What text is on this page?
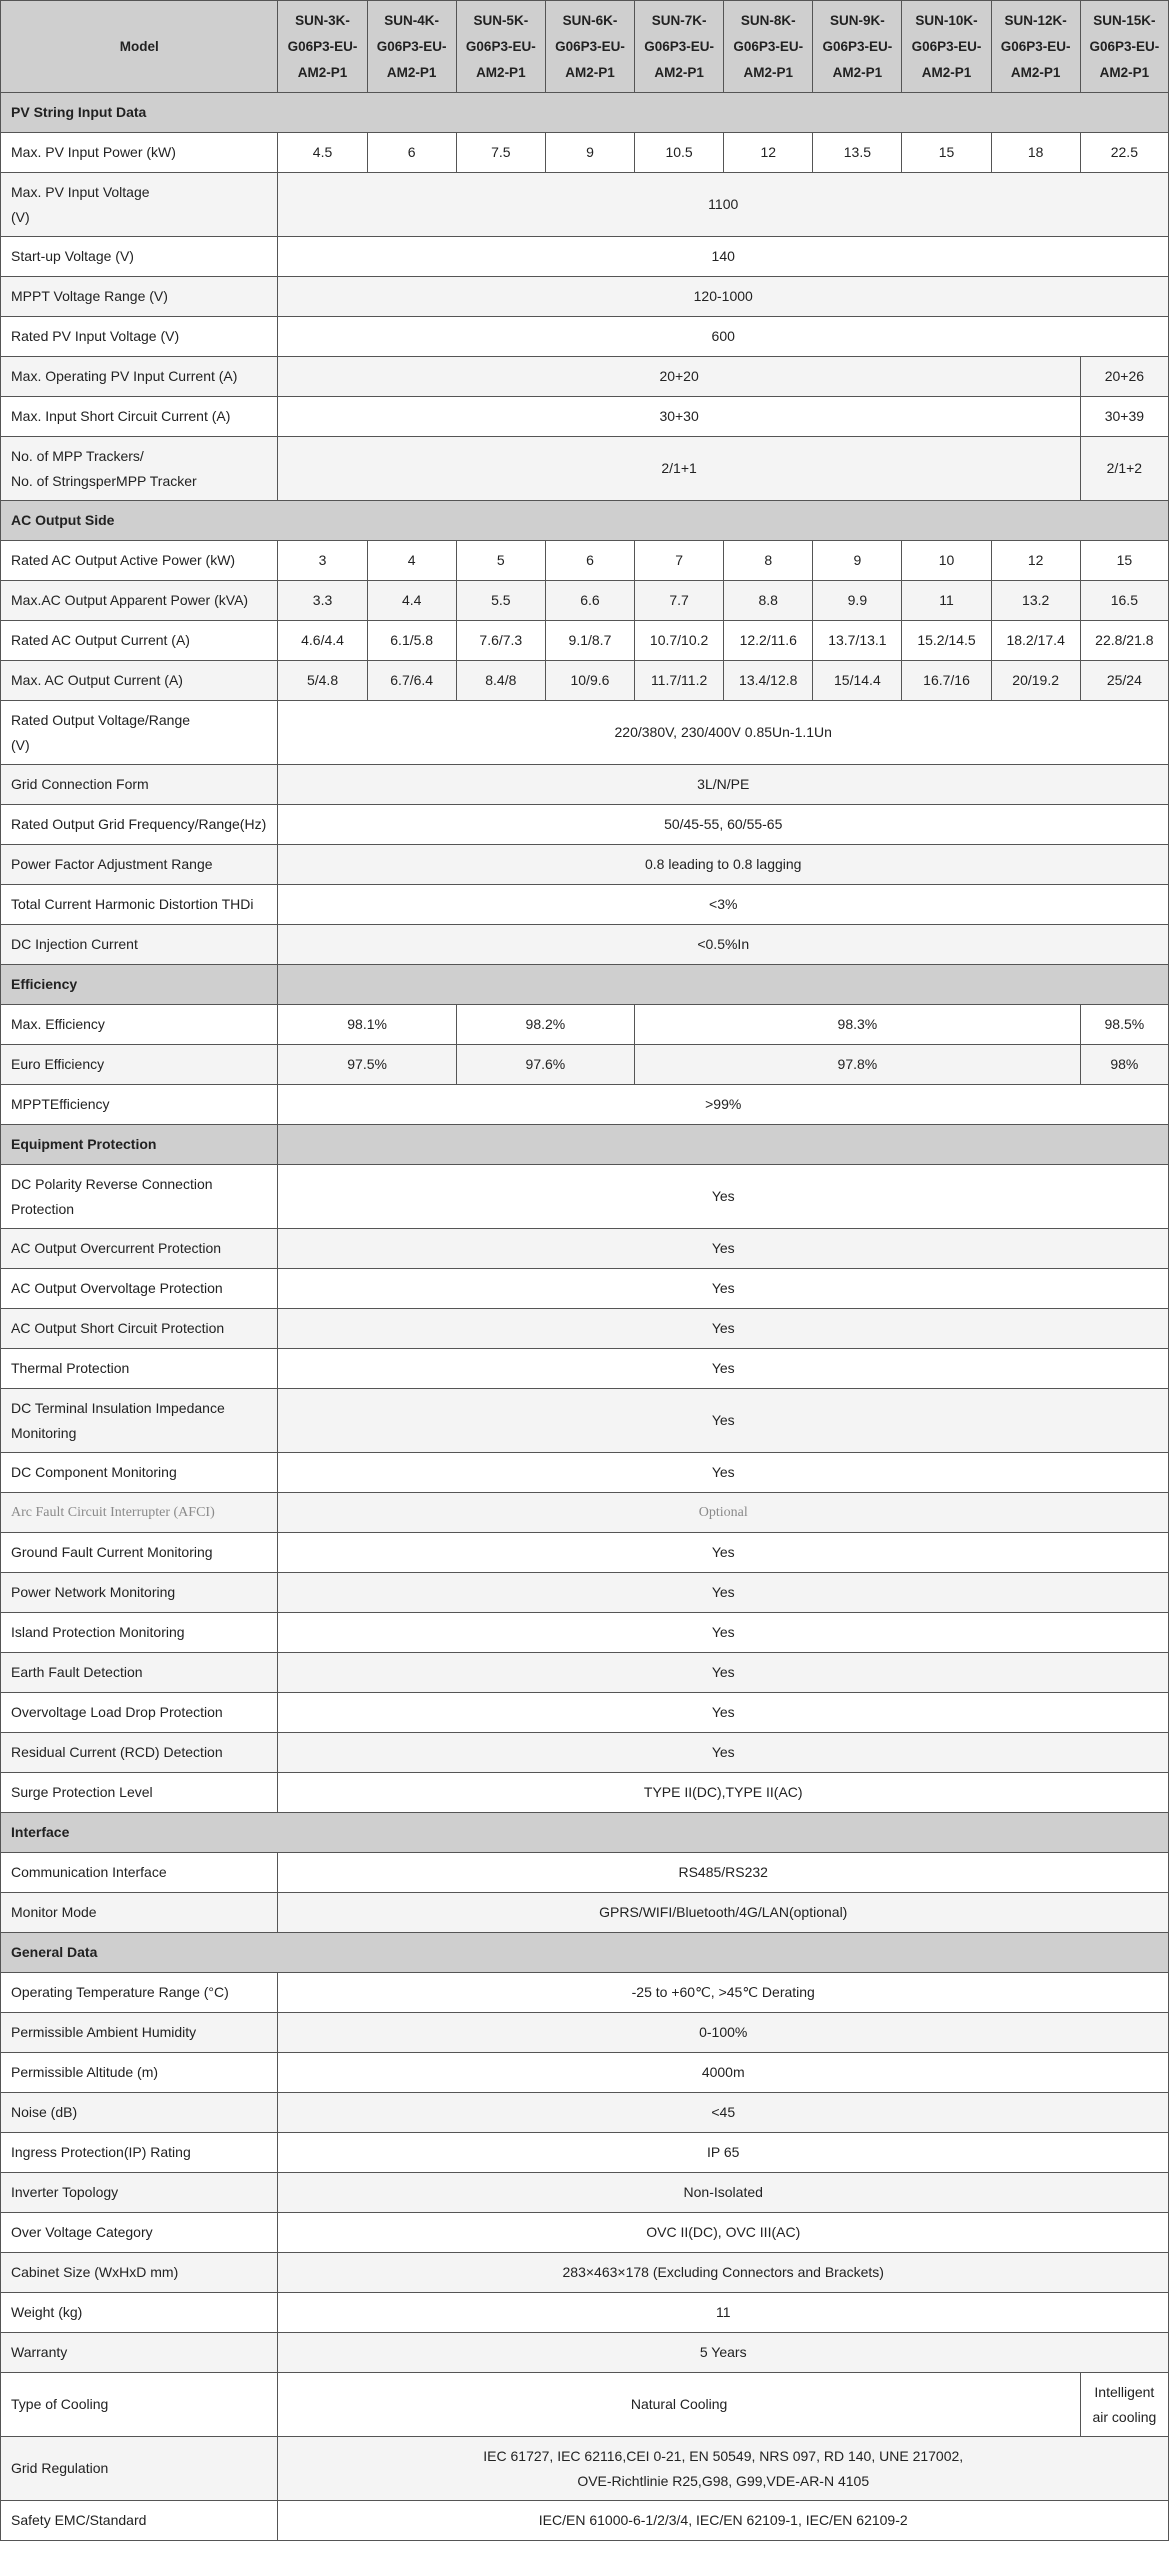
Model	SUN-3K-
G06P3-EU-
AM2-P1	SUN-4K-
G06P3-EU-
AM2-P1	SUN-5K-
G06P3-EU-
AM2-P1	SUN-6K-
G06P3-EU-
AM2-P1	SUN-7K-
G06P3-EU-
AM2-P1	SUN-8K-
G06P3-EU-
AM2-P1	SUN-9K-
G06P3-EU-
AM2-P1	SUN-10K-
G06P3-EU-
AM2-P1	SUN-12K-
G06P3-EU-
AM2-P1	SUN-15K-
G06P3-EU-
AM2-P1
PV String Input Data										
Max. PV Input Power (kW)	4.5	6	7.5	9	10.5	12	13.5	15	18	22.5
Max. PV Input Voltage
(V)	1100									
Start-up Voltage (V)	140									
MPPT Voltage Range (V)	120-1000									
Rated PV Input Voltage (V)	600									
Max. Operating PV Input Current (A)	20+20									20+26
Max. Input Short Circuit Current (A)	30+30									30+39
No. of MPP Trackers/
No. of StringsperMPP Tracker	2/1+1									2/1+2
AC Output Side										
Rated AC Output Active Power (kW)	3	4	5	6	7	8	9	10	12	15
Max.AC Output Apparent Power (kVA)	3.3	4.4	5.5	6.6	7.7	8.8	9.9	11	13.2	16.5
Rated AC Output Current (A)	4.6/4.4	6.1/5.8	7.6/7.3	9.1/8.7	10.7/10.2	12.2/11.6	13.7/13.1	15.2/14.5	18.2/17.4	22.8/21.8
Max. AC Output Current (A)	5/4.8	6.7/6.4	8.4/8	10/9.6	11.7/11.2	13.4/12.8	15/14.4	16.7/16	20/19.2	25/24
Rated Output Voltage/Range
(V)	220/380V, 230/400V 0.85Un-1.1Un									
Grid Connection Form	3L/N/PE									
Rated Output Grid Frequency/Range(Hz)	50/45-55, 60/55-65									
Power Factor Adjustment Range	0.8 leading to 0.8 lagging									
Total Current Harmonic Distortion THDi	<3%									
DC Injection Current	<0.5%In									
Efficiency										
Max. Efficiency	98.1%		98.2%		98.3%					98.5%
Euro Efficiency	97.5%		97.6%		97.8%					98%
MPPTEfficiency	>99%									
Equipment Protection										
DC Polarity Reverse Connection
Protection	Yes									
AC Output Overcurrent Protection	Yes									
AC Output Overvoltage Protection	Yes									
AC Output Short Circuit Protection	Yes									
Thermal Protection	Yes									
DC Terminal Insulation Impedance
Monitoring	Yes									
DC Component Monitoring	Yes									
Arc Fault Circuit Interrupter (AFCI)	Optional									
Ground Fault Current Monitoring	Yes									
Power Network Monitoring	Yes									
Island Protection Monitoring	Yes									
Earth Fault Detection	Yes									
Overvoltage Load Drop Protection	Yes									
Residual Current (RCD) Detection	Yes									
Surge Protection Level	TYPE II(DC),TYPE II(AC)									
Interface										
Communication Interface	RS485/RS232									
Monitor Mode	GPRS/WIFI/Bluetooth/4G/LAN(optional)									
General Data										
Operating Temperature Range (°C)	-25 to +60℃, >45℃ Derating									
Permissible Ambient Humidity	0-100%									
Permissible Altitude (m)	4000m									
Noise (dB)	<45									
Ingress Protection(IP) Rating	IP 65									
Inverter Topology	Non-Isolated									
Over Voltage Category	OVC II(DC), OVC III(AC)									
Cabinet Size (WxHxD mm)	283×463×178 (Excluding Connectors and Brackets)									
Weight (kg)	11									
Warranty	5 Years									
Type of Cooling	Natural Cooling									Intelligent
air cooling
Grid Regulation	IEC 61727, IEC 62116,CEI 0-21, EN 50549, NRS 097, RD 140, UNE 217002,
OVE-Richtlinie R25,G98, G99,VDE-AR-N 4105									
Safety EMC/Standard	IEC/EN 61000-6-1/2/3/4, IEC/EN 62109-1, IEC/EN 62109-2									
